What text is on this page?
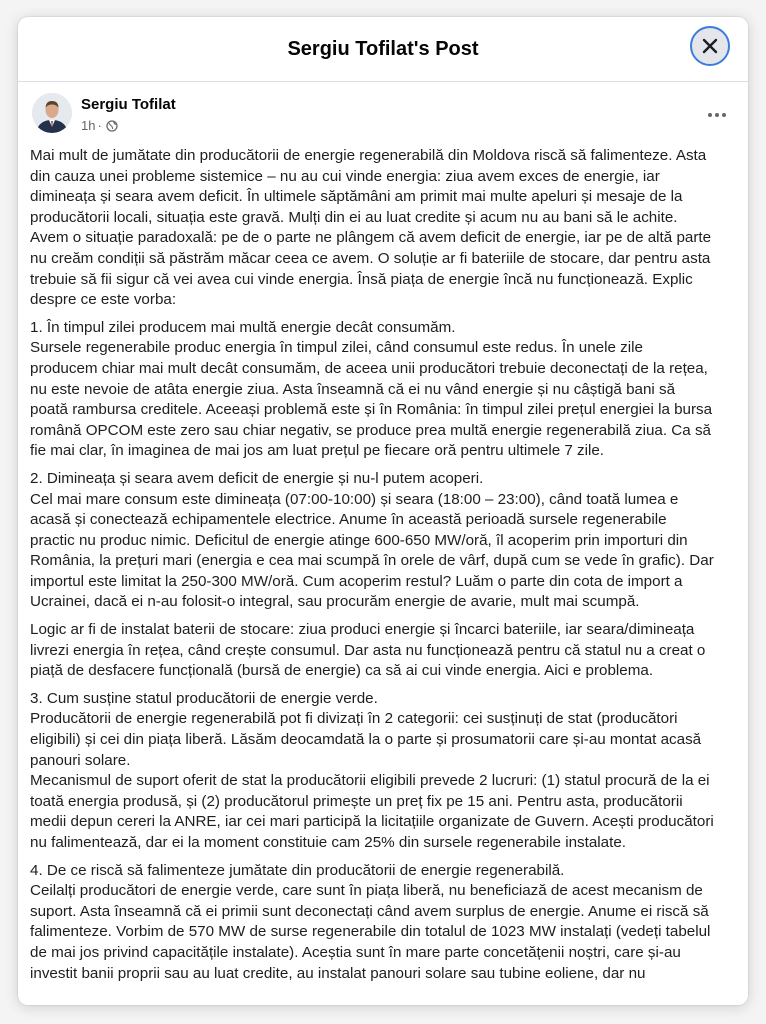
Sergiu Tofilat's Post
Sergiu Tofilat
1h ·

Mai mult de jumătate din producătorii de energie regenerabilă din Moldova riscă să falimenteze. Asta
din cauza unei probleme sistemice – nu au cui vinde energia: ziua avem exces de energie, iar
dimineața și seara avem deficit. În ultimele săptămâni am primit mai multe apeluri și mesaje de la
producătorii locali, situația este gravă. Mulți din ei au luat credite și acum nu au bani să le achite.
Avem o situație paradoxală: pe de o parte ne plângem că avem deficit de energie, iar pe de altă parte
nu creăm condiții să păstrăm măcar ceea ce avem. O soluție ar fi bateriile de stocare, dar pentru asta
trebuie să fii sigur că vei avea cui vinde energia. Însă piața de energie încă nu funcționează. Explic
despre ce este vorba:

1. În timpul zilei producem mai multă energie decât consumăm.
Sursele regenerabile produc energia în timpul zilei, când consumul este redus. În unele zile
producem chiar mai mult decât consumăm, de aceea unii producători trebuie deconectați de la rețea,
nu este nevoie de atâta energie ziua. Asta înseamnă că ei nu vând energie și nu câștigă bani să
poată rambursa creditele. Aceeași problemă este și în România: în timpul zilei prețul energiei la bursa
română OPCOM este zero sau chiar negativ, se produce prea multă energie regenerabilă ziua. Ca să
fie mai clar, în imaginea de mai jos am luat prețul pe fiecare oră pentru ultimele 7 zile.

2. Dimineața și seara avem deficit de energie și nu-l putem acoperi.
Cel mai mare consum este dimineața (07:00-10:00) și seara (18:00 – 23:00), când toată lumea e
acasă și conectează echipamentele electrice. Anume în această perioadă sursele regenerabile
practic nu produc nimic. Deficitul de energie atinge 600-650 MW/oră, îl acoperim prin importuri din
România, la prețuri mari (energia e cea mai scumpă în orele de vârf, după cum se vede în grafic). Dar
importul este limitat la 250-300 MW/oră. Cum acoperim restul? Luăm o parte din cota de import a
Ucrainei, dacă ei n-au folosit-o integral, sau procurăm energie de avarie, mult mai scumpă.

Logic ar fi de instalat baterii de stocare: ziua produci energie și încarci bateriile, iar seara/dimineața
livrezi energia în rețea, când crește consumul. Dar asta nu funcționează pentru că statul nu a creat o
piață de desfacere funcțională (bursă de energie) ca să ai cui vinde energia. Aici e problema.

3. Cum susține statul producătorii de energie verde.
Producătorii de energie regenerabilă pot fi divizați în 2 categorii: cei susținuți de stat (producători
eligibili) și cei din piața liberă. Lăsăm deocamdată la o parte și prosumatorii care și-au montat acasă
panouri solare.
Mecanismul de suport oferit de stat la producătorii eligibili prevede 2 lucruri: (1) statul procură de la ei
toată energia produsă, și (2) producătorul primește un preț fix pe 15 ani. Pentru asta, producătorii
medii depun cereri la ANRE, iar cei mari participă la licitațiile organizate de Guvern. Acești producători
nu falimentează, dar ei la moment constituie cam 25% din sursele regenerabile instalate.

4. De ce riscă să falimenteze jumătate din producătorii de energie regenerabilă.
Ceilalți producători de energie verde, care sunt în piața liberă, nu beneficiază de acest mecanism de
suport. Asta înseamnă că ei primii sunt deconectați când avem surplus de energie. Anume ei riscă să
falimenteze. Vorbim de 570 MW de surse regenerabile din totalul de 1023 MW instalați (vedeți tabelul
de mai jos privind capacitățile instalate). Aceștia sunt în mare parte concetățenii noștri, care și-au
investit banii proprii sau au luat credite, au instalat panouri solare sau tubine eoliene, dar nu
